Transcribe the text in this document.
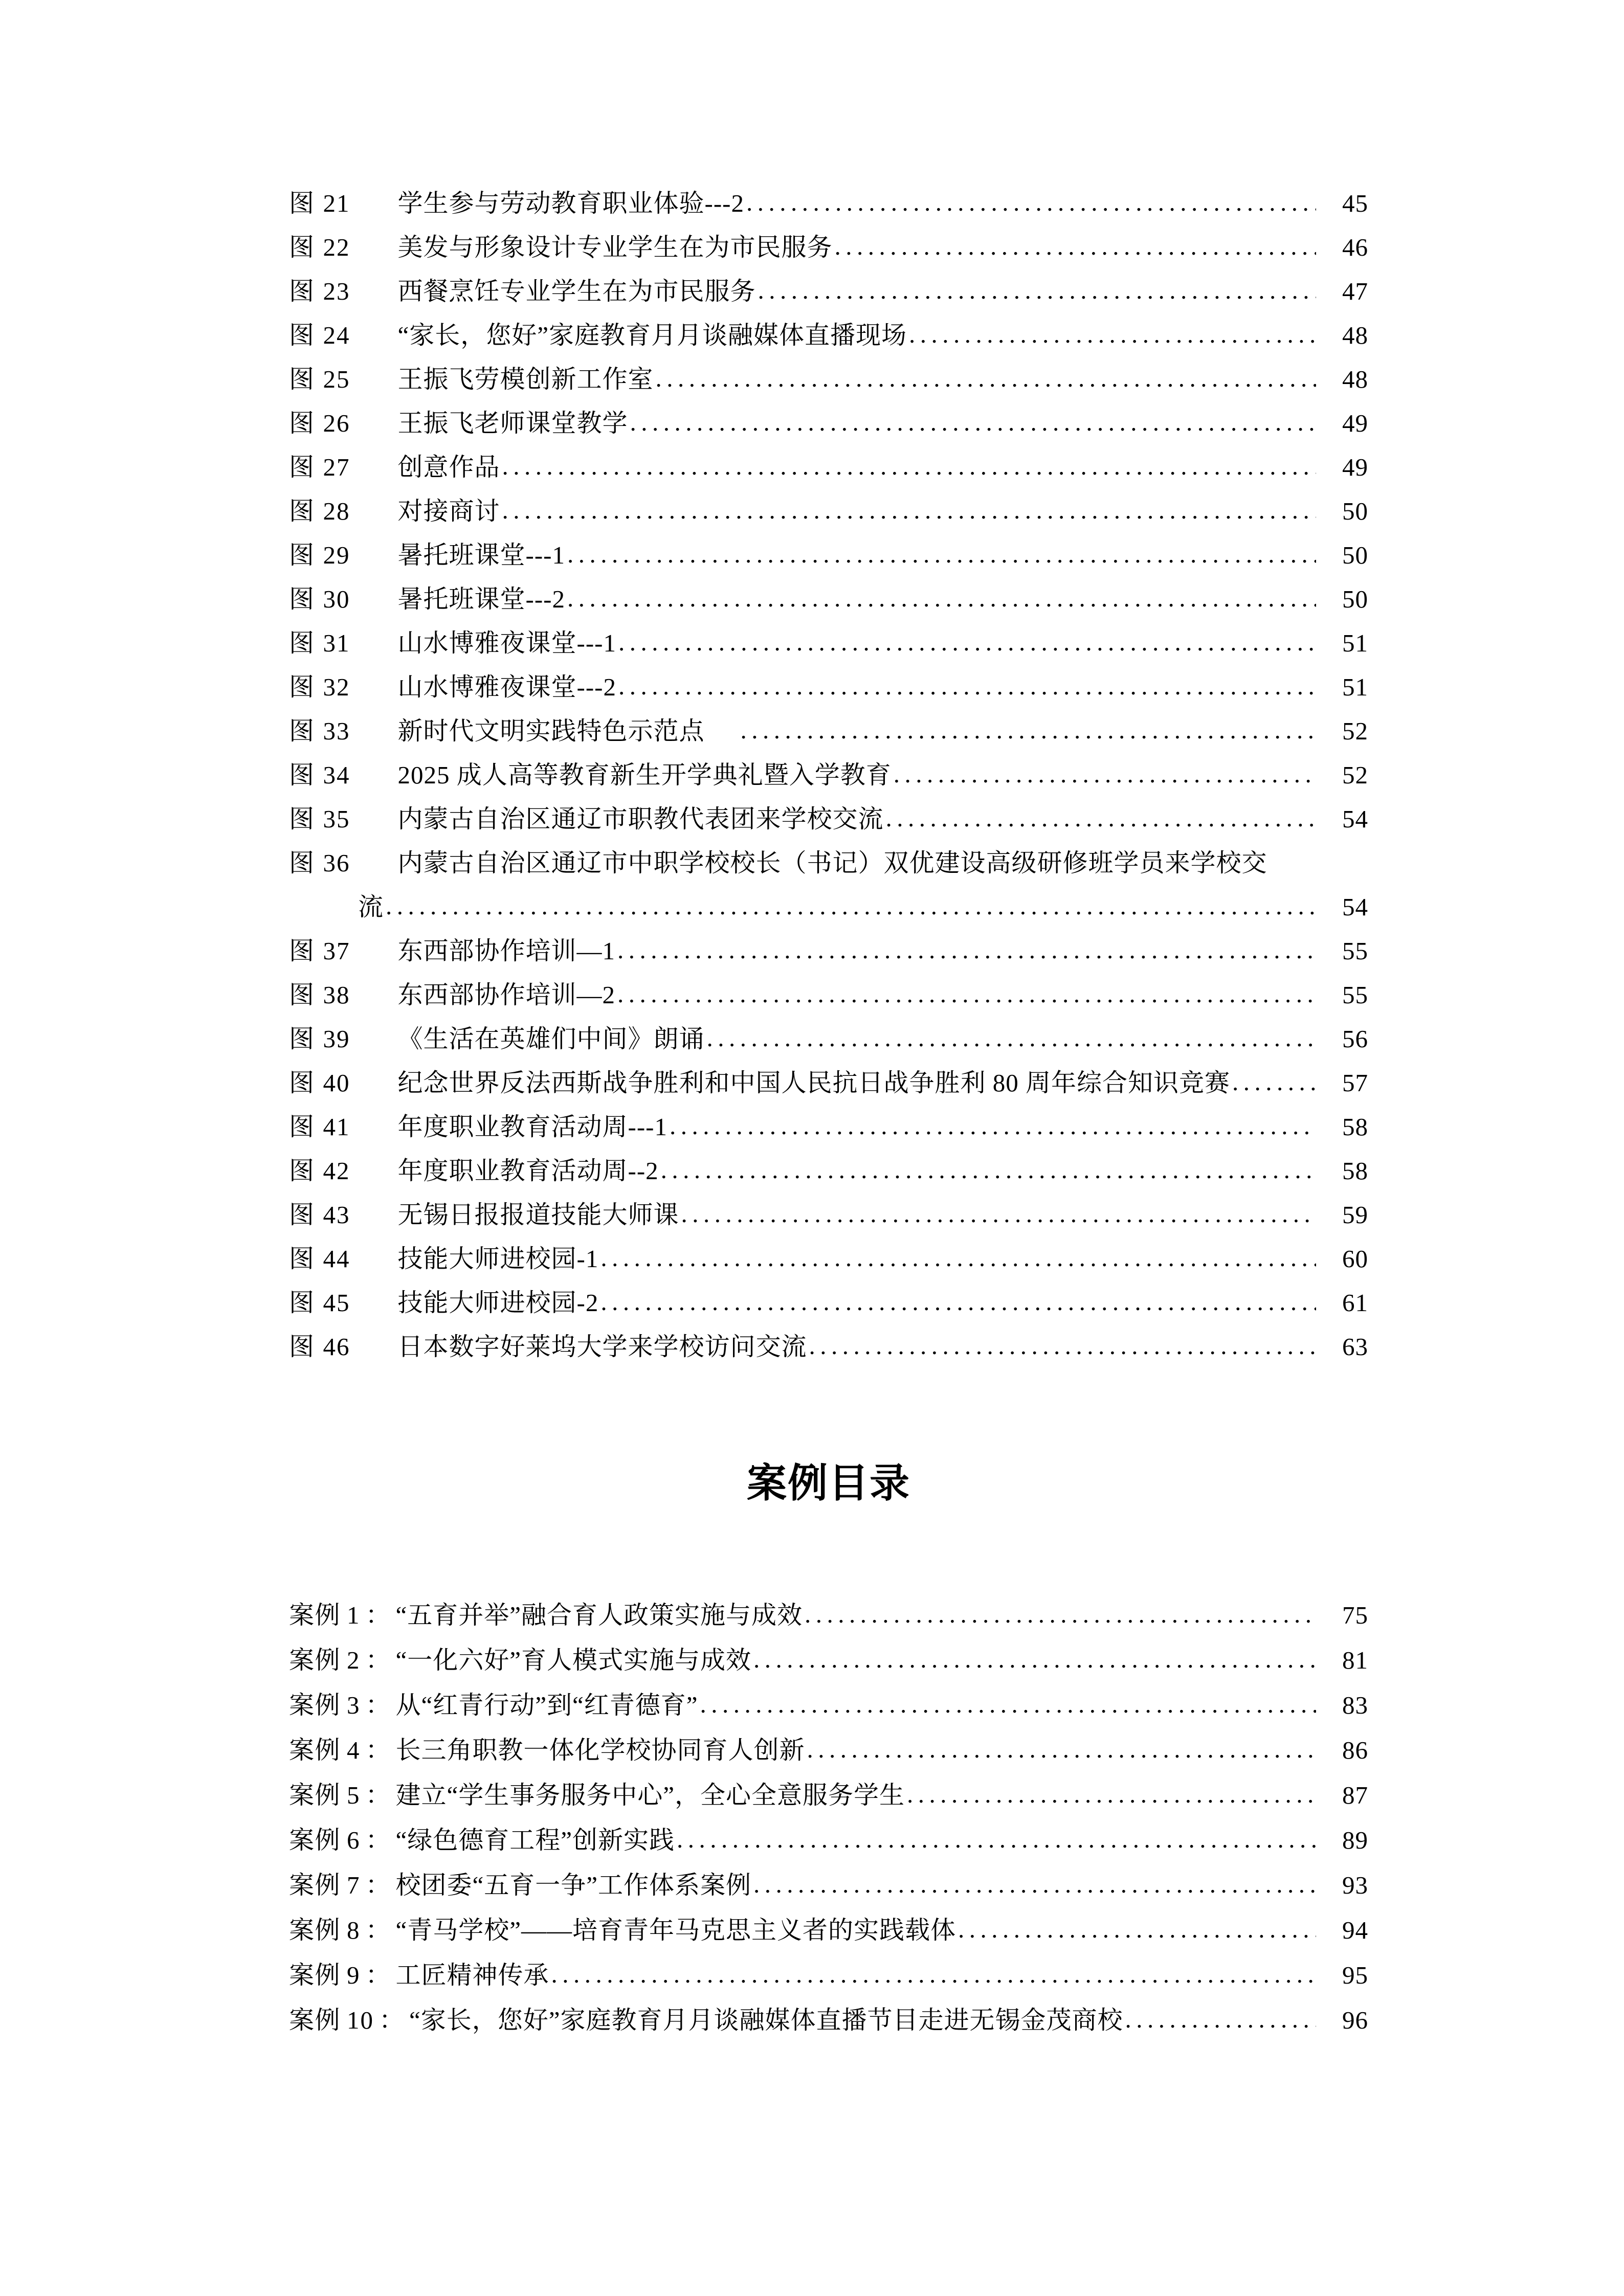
图 21	学生参与劳动教育职业体验---2 .....	45
图 22	美发与形象设计专业学生在为市民服务 .....	46
图 23	西餐烹饪专业学生在为市民服务 .....	47
图 24	“家长，您好”家庭教育月月谈融媒体直播现场 .....	48
图 25	王振飞劳模创新工作室 .....	48
图 26	王振飞老师课堂教学 .....	49
图 27	创意作品 .....	49
图 28	对接商讨 .....	50
图 29	暑托班课堂---1 .....	50
图 30	暑托班课堂---2 .....	50
图 31	山水博雅夜课堂---1 .....	51
图 32	山水博雅夜课堂---2 .....	51
图 33	新时代文明实践特色示范点 .....	52
图 34	2025 成人高等教育新生开学典礼暨入学教育 .....	52
图 35	内蒙古自治区通辽市职教代表团来学校交流 .....	54
图 36	内蒙古自治区通辽市中职学校校长（书记）双优建设高级研修班学员来学校交
流 .....	54
图 37	东西部协作培训—1 .....	55
图 38	东西部协作培训—2 .....	55
图 39	《生活在英雄们中间》朗诵 .....	56
图 40	纪念世界反法西斯战争胜利和中国人民抗日战争胜利 80 周年综合知识竞赛 .....	57
图 41	年度职业教育活动周---1 .....	58
图 42	年度职业教育活动周--2 .....	58
图 43	无锡日报报道技能大师课 .....	59
图 44	技能大师进校园-1 .....	60
图 45	技能大师进校园-2 .....	61
图 46	日本数字好莱坞大学来学校访问交流 .....	63
案例目录
案例 1 ： “五育并举”融合育人政策实施与成效 .....	75
案例 2 ： “一化六好”育人模式实施与成效 .....	81
案例 3 ： 从“红青行动”到“红青德育” .....	83
案例 4 ： 长三角职教一体化学校协同育人创新 .....	86
案例 5 ： 建立“学生事务服务中心”，全心全意服务学生 .....	87
案例 6 ： “绿色德育工程”创新实践 .....	89
案例 7 ： 校团委“五育一争”工作体系案例 .....	93
案例 8 ： “青马学校”——培育青年马克思主义者的实践载体 .....	94
案例 9 ： 工匠精神传承 .....	95
案例 10 ： “家长，您好”家庭教育月月谈融媒体直播节目走进无锡金茂商校 .....	96
